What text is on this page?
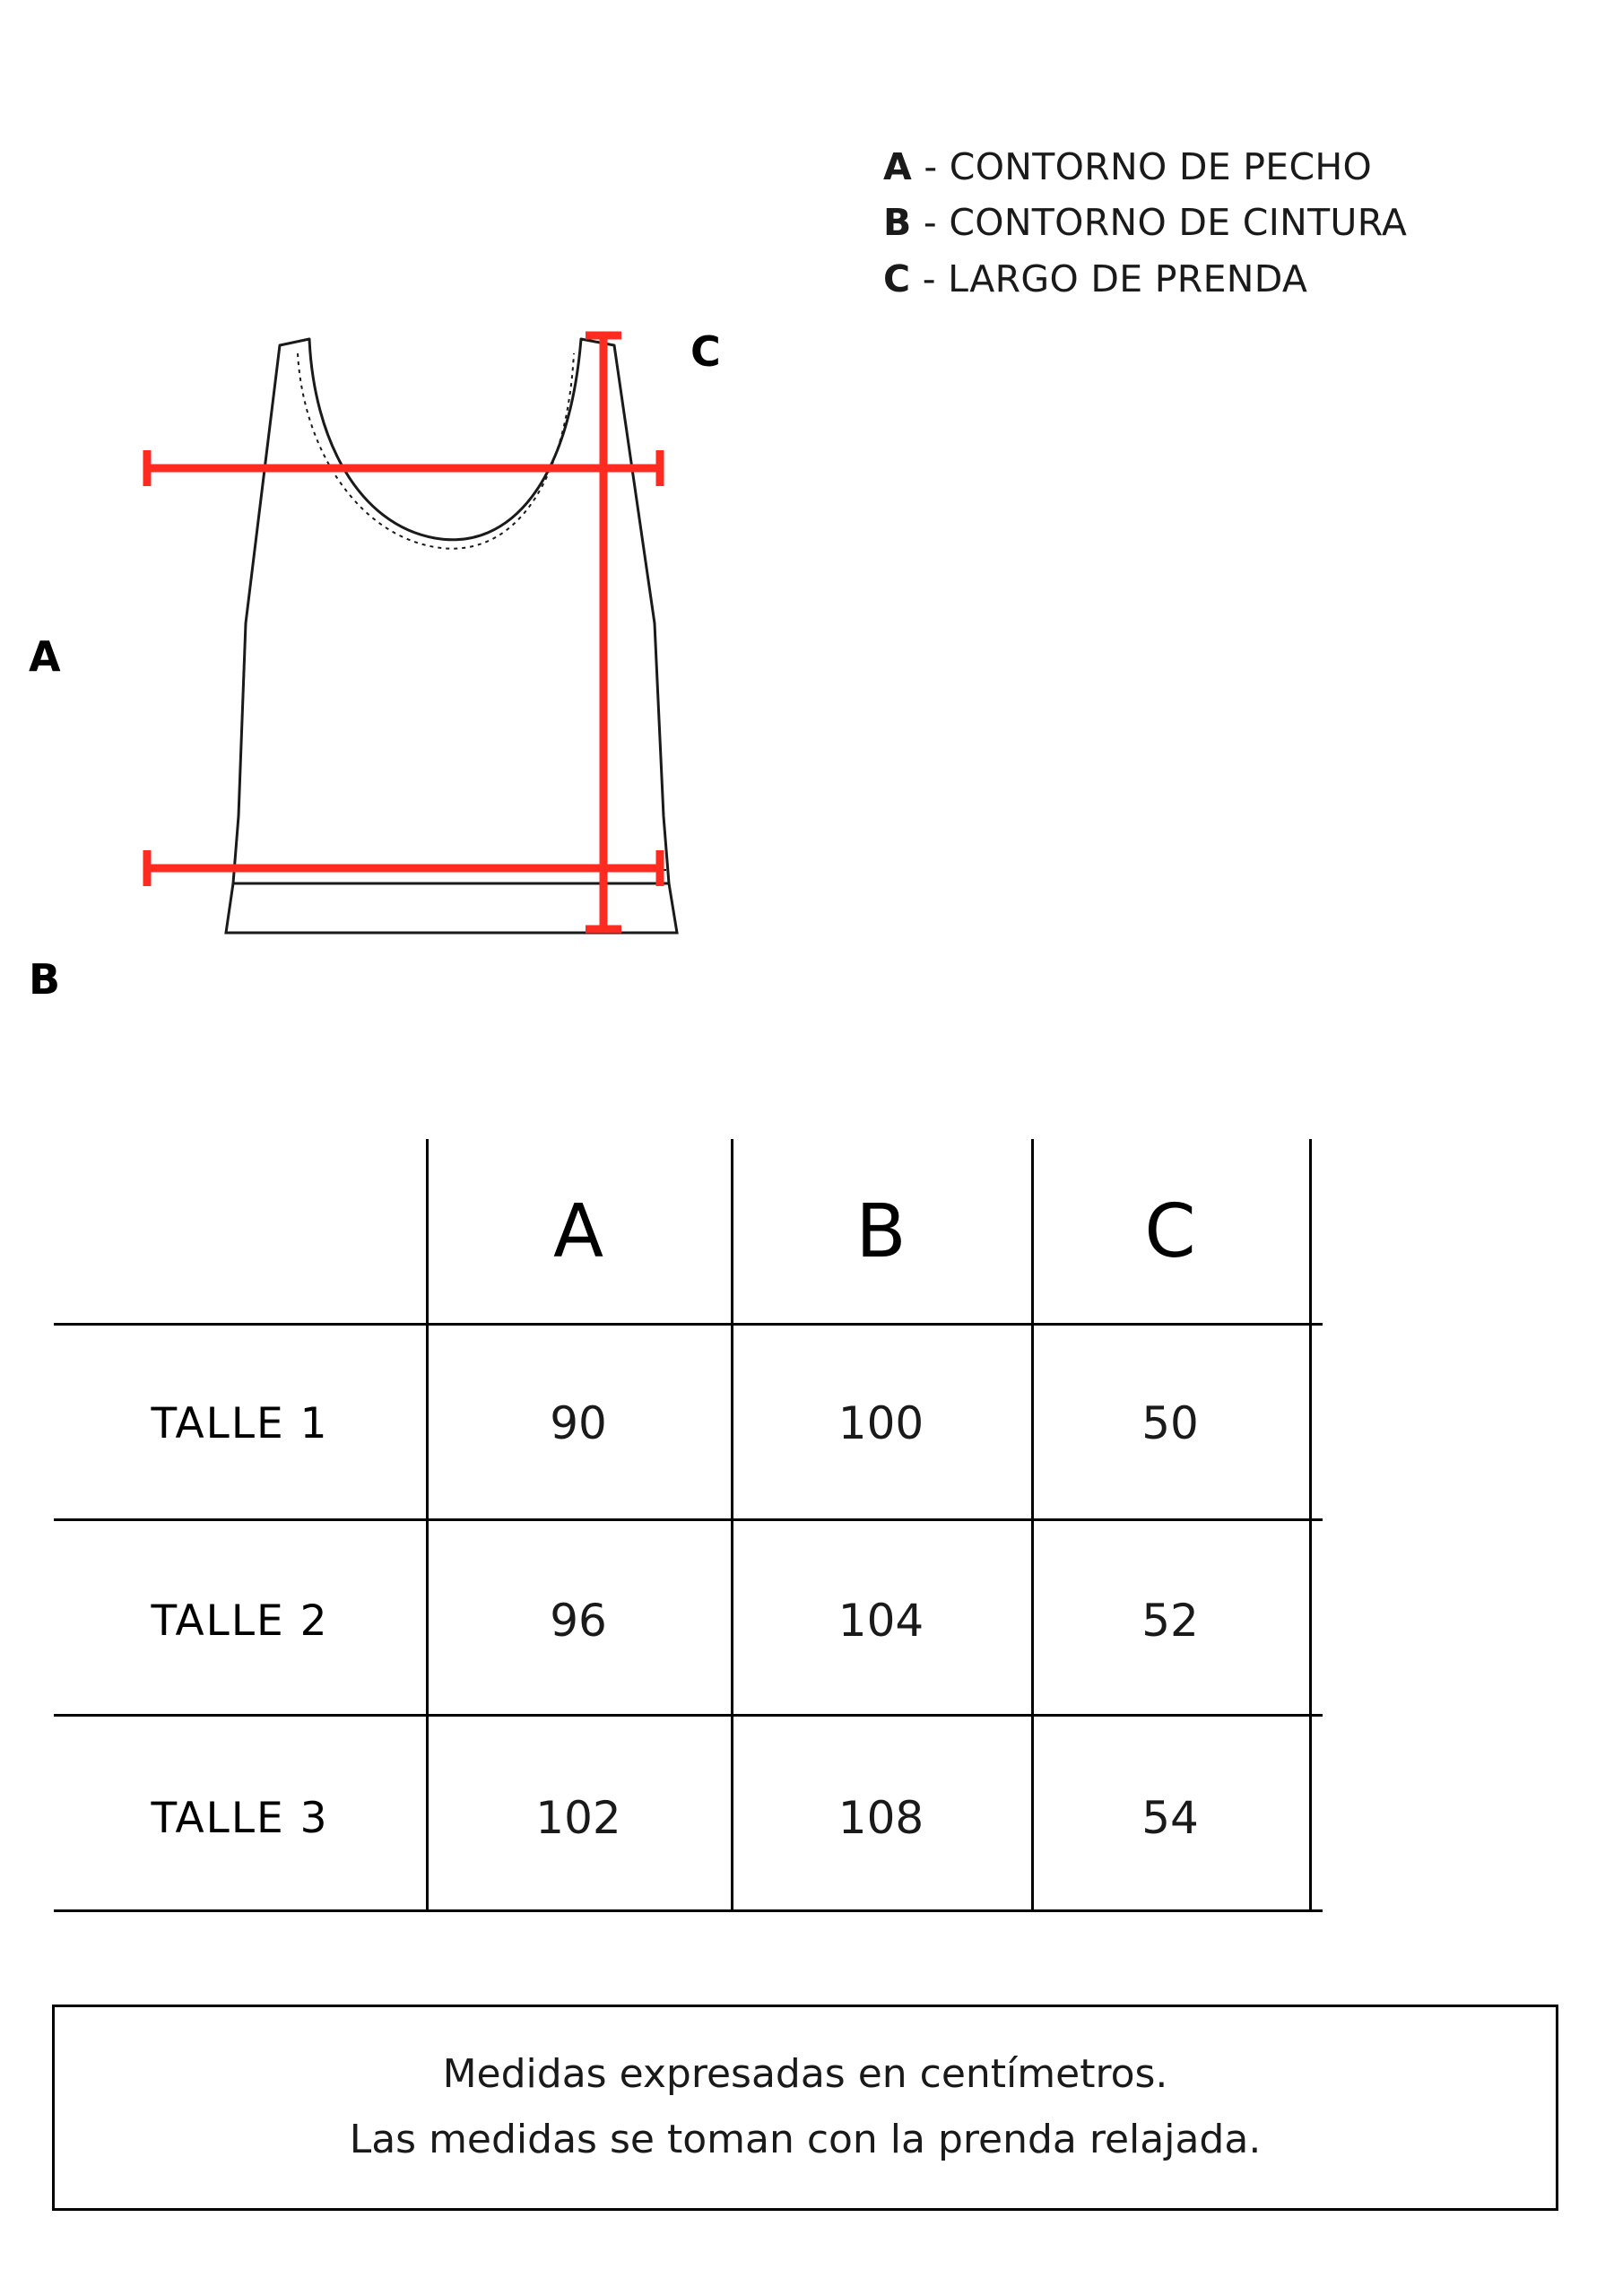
A - CONTORNO DE PECHO
B - CONTORNO DE CINTURA
C - LARGO DE PRENDA
A
B
C
	A	B	C	
TALLE 1	90	100	50	
TALLE 2	96	104	52	
TALLE 3	102	108	54	
Medidas expresadas en centímetros.
Las medidas se toman con la prenda relajada.
